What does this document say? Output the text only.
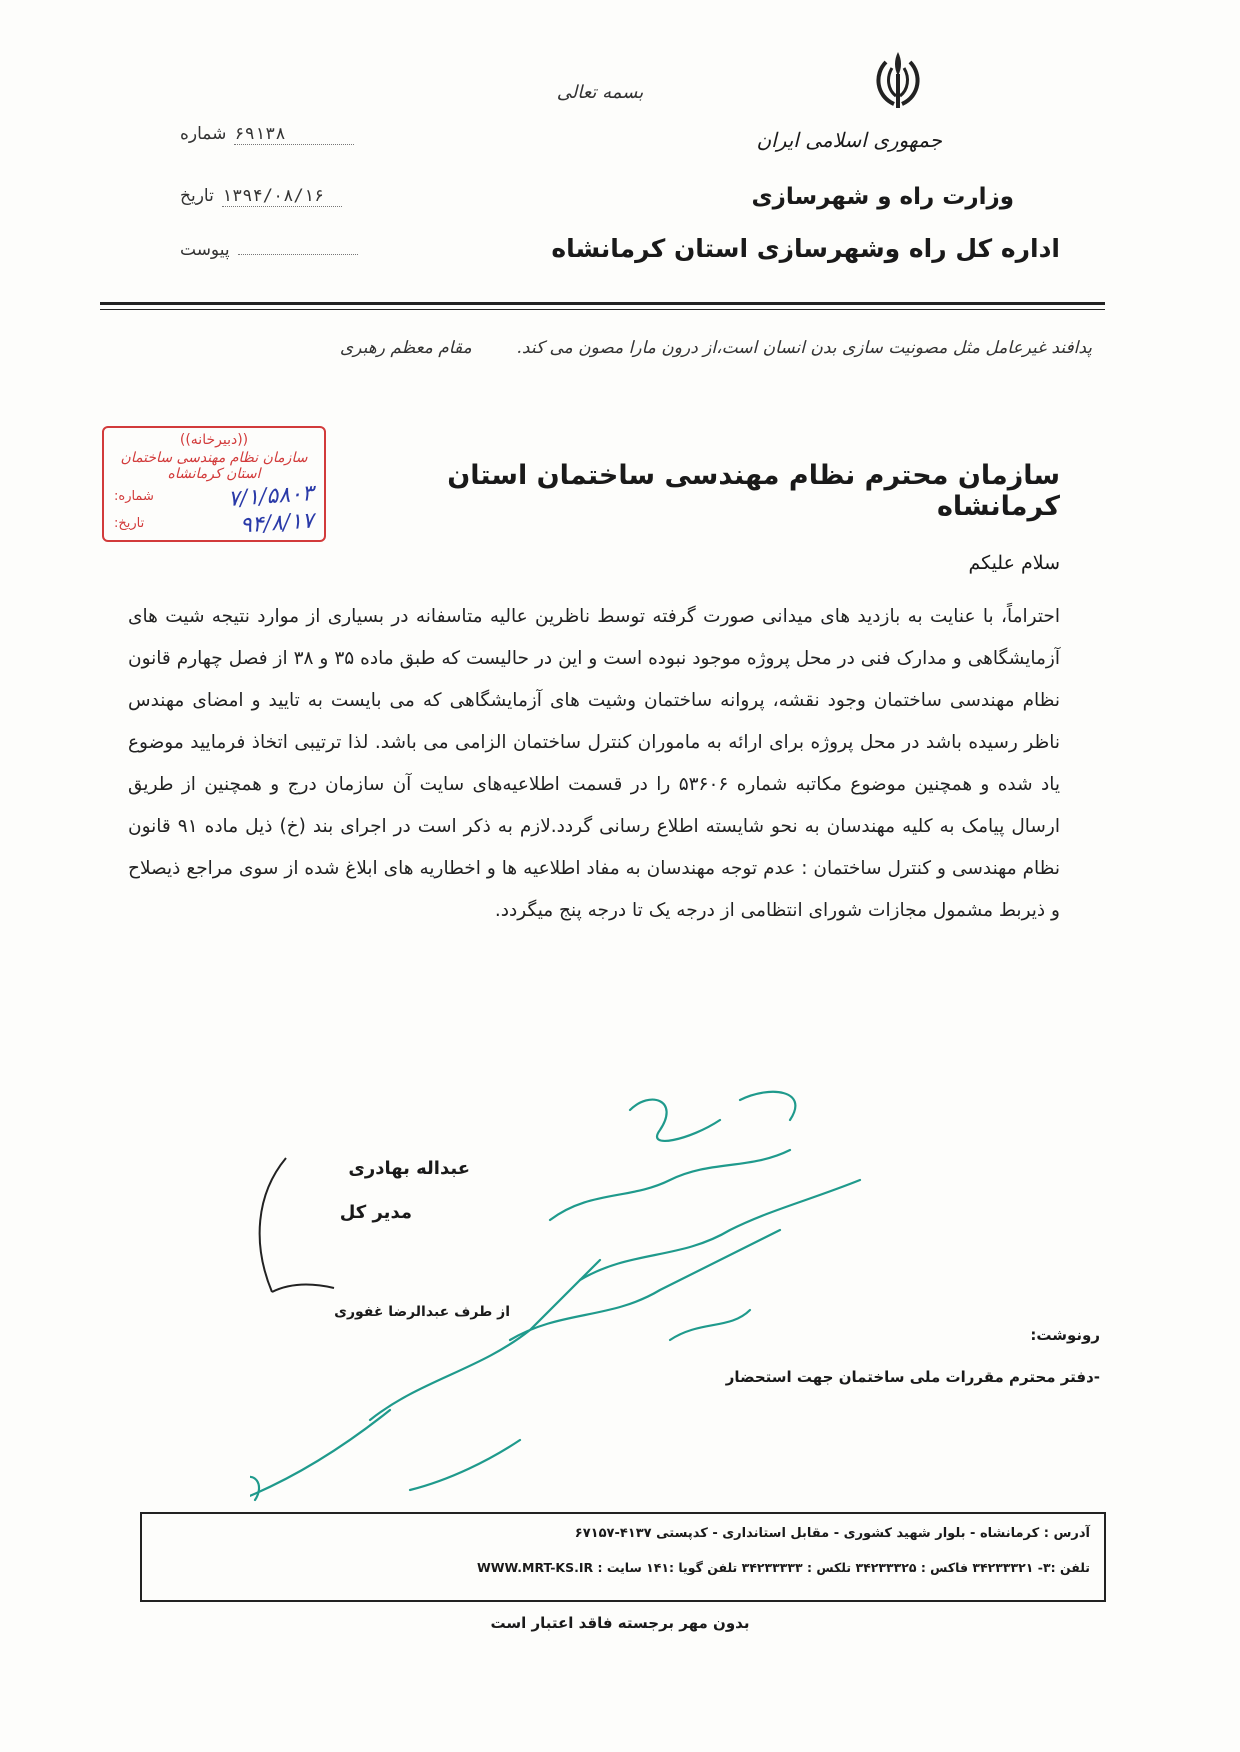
بسمه تعالی
جمهوری اسلامی ایران
وزارت راه و شهرسازی
اداره کل راه وشهرسازی استان کرمانشاه
شماره ۶۹۱۳۸
تاریخ ۱۳۹۴/۰۸/۱۶
پیوست
پدافند غیرعامل مثل مصونیت سازی بدن انسان است،از درون مارا مصون می کند.  مقام معظم رهبری
((دبیرخانه))
سازمان نظام مهندسی ساختمان استان کرمانشاه
شماره:	۷/۱/۵۸۰۳
تاریخ:	۹۴/۸/۱۷
سازمان محترم نظام مهندسی ساختمان استان کرمانشاه
سلام علیکم
احتراماً، با عنایت به بازدید های میدانی صورت گرفته توسط ناظرین عالیه متاسفانه در بسیاری از موارد نتیجه شیت های آزمایشگاهی و مدارک فنی در محل پروژه موجود نبوده است و این در حالیست که طبق ماده ۳۵ و ۳۸ از فصل چهارم قانون نظام مهندسی ساختمان وجود نقشه، پروانه ساختمان وشیت های آزمایشگاهی که می بایست به تایید و امضای مهندس ناظر رسیده باشد در محل پروژه برای ارائه به ماموران کنترل ساختمان الزامی می باشد. لذا ترتیبی اتخاذ فرمایید موضوع یاد شده و همچنین موضوع مکاتبه شماره ۵۳۶۰۶ را در قسمت اطلاعیه‌های سایت آن سازمان درج و همچنین از طریق ارسال پیامک به کلیه مهندسان به نحو شایسته اطلاع رسانی گردد.لازم به ذکر است در اجرای بند (خ) ذیل ماده ۹۱ قانون نظام مهندسی و کنترل ساختمان : عدم توجه مهندسان به مفاد اطلاعیه ها و اخطاریه های ابلاغ شده از سوی مراجع ذیصلاح و ذیربط مشمول مجازات شورای انتظامی از درجه یک تا درجه پنج میگردد.
عبداله بهادری
مدیر کل
از طرف عبدالرضا غفوری
رونوشت:
-دفتر محترم مقررات ملی ساختمان جهت استحضار
آدرس : کرمانشاه - بلوار شهید کشوری - مقابل استانداری - کدپستی ۴۱۳۷-۶۷۱۵۷
تلفن :۳- ۳۴۲۳۳۳۲۱ فاکس : ۳۴۲۳۳۳۲۵ تلکس : ۳۴۲۳۳۳۳۳ تلفن گویا :۱۴۱ سایت : WWW.MRT-KS.IR
بدون مهر برجسته فاقد اعتبار است
